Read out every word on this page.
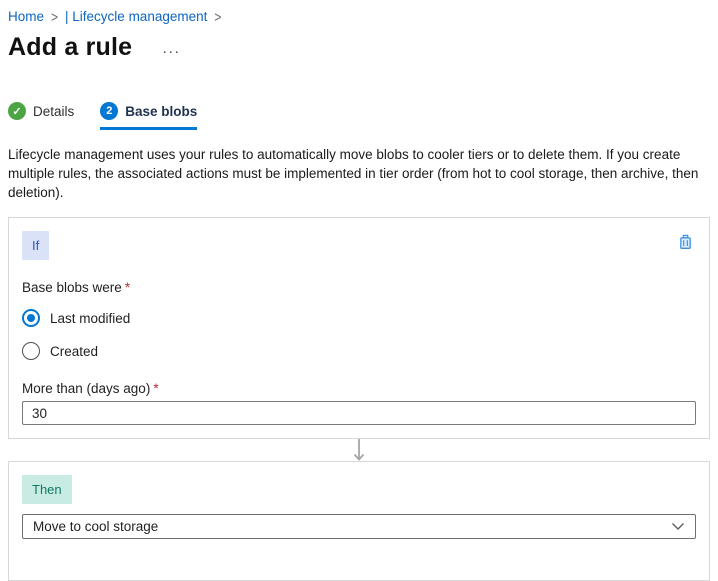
Home > | Lifecycle management >
Add a rule ···
✓ Details	2 Base blobs

Lifecycle management uses your rules to automatically move blobs to cooler tiers or to delete them. If you create multiple rules, the associated actions must be implemented in tier order (from hot to cool storage, then archive, then deletion).

If
Base blobs were *
Last modified
Created
More than (days ago) *
30
Then
Move to cool storage
